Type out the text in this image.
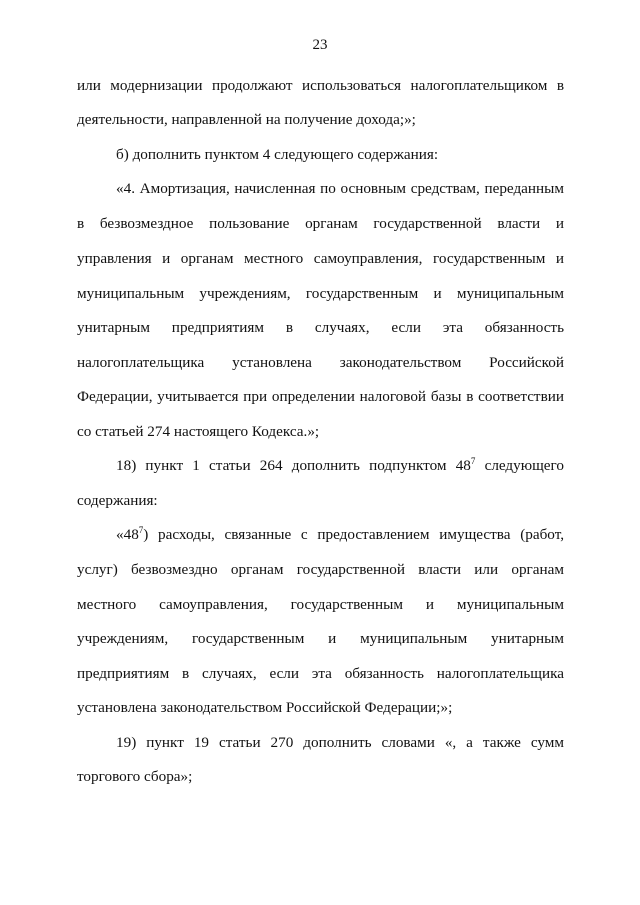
23
или модернизации продолжают использоваться налогоплательщиком в
деятельности, направленной на получение дохода;»;
б) дополнить пунктом 4 следующего содержания:
«4. Амортизация, начисленная по основным средствам, переданным
в безвозмездное пользование органам государственной власти и
управления и органам местного самоуправления, государственным и
муниципальным учреждениям, государственным и муниципальным
унитарным предприятиям в случаях, если эта обязанность
налогоплательщика установлена законодательством Российской
Федерации, учитывается при определении налоговой базы в соответствии
со статьей 274 настоящего Кодекса.»;
18) пункт 1 статьи 264 дополнить подпунктом $48^7$ следующего
содержания:
«$48^7$) расходы, связанные с предоставлением имущества (работ,
услуг) безвозмездно органам государственной власти или органам
местного самоуправления, государственным и муниципальным
учреждениям, государственным и муниципальным унитарным
предприятиям в случаях, если эта обязанность налогоплательщика
установлена законодательством Российской Федерации;»;
19) пункт 19 статьи 270 дополнить словами «, а также сумм
торгового сбора»;
